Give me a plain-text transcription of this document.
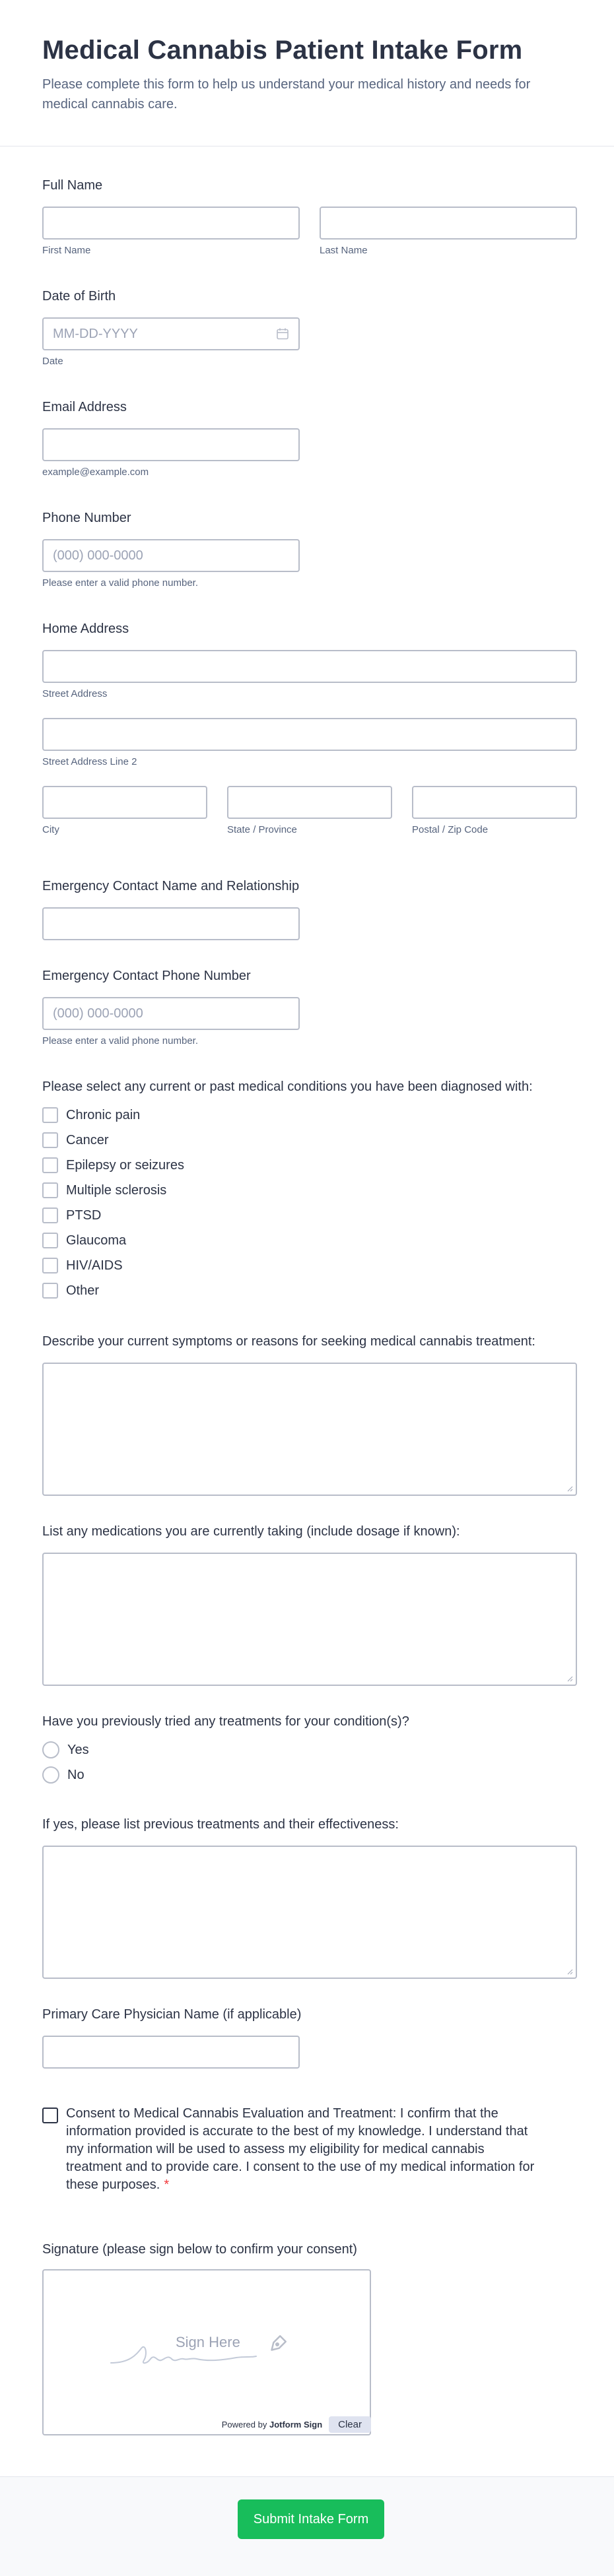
Medical Cannabis Patient Intake Form

Please complete this form to help us understand your medical history and needs for medical cannabis care.

Full Name
First Name	Last Name
Date of Birth
MM-DD-YYYY
Date
Email Address
example@example.com
Phone Number
(000) 000-0000
Please enter a valid phone number.
Home Address
Street Address
Street Address Line 2
City	State / Province	Postal / Zip Code
Emergency Contact Name and Relationship
Emergency Contact Phone Number
(000) 000-0000
Please enter a valid phone number.
Please select any current or past medical conditions you have been diagnosed with:
Chronic pain
Cancer
Epilepsy or seizures
Multiple sclerosis
PTSD
Glaucoma
HIV/AIDS
Other
Describe your current symptoms or reasons for seeking medical cannabis treatment:
List any medications you are currently taking (include dosage if known):
Have you previously tried any treatments for your condition(s)?
Yes
No
If yes, please list previous treatments and their effectiveness:
Primary Care Physician Name (if applicable)
Consent to Medical Cannabis Evaluation and Treatment: I confirm that the information provided is accurate to the best of my knowledge. I understand that my information will be used to assess my eligibility for medical cannabis treatment and to provide care. I consent to the use of my medical information for these purposes. *
Signature (please sign below to confirm your consent)
Sign Here
Powered by Jotform Sign	Clear
Submit Intake Form
